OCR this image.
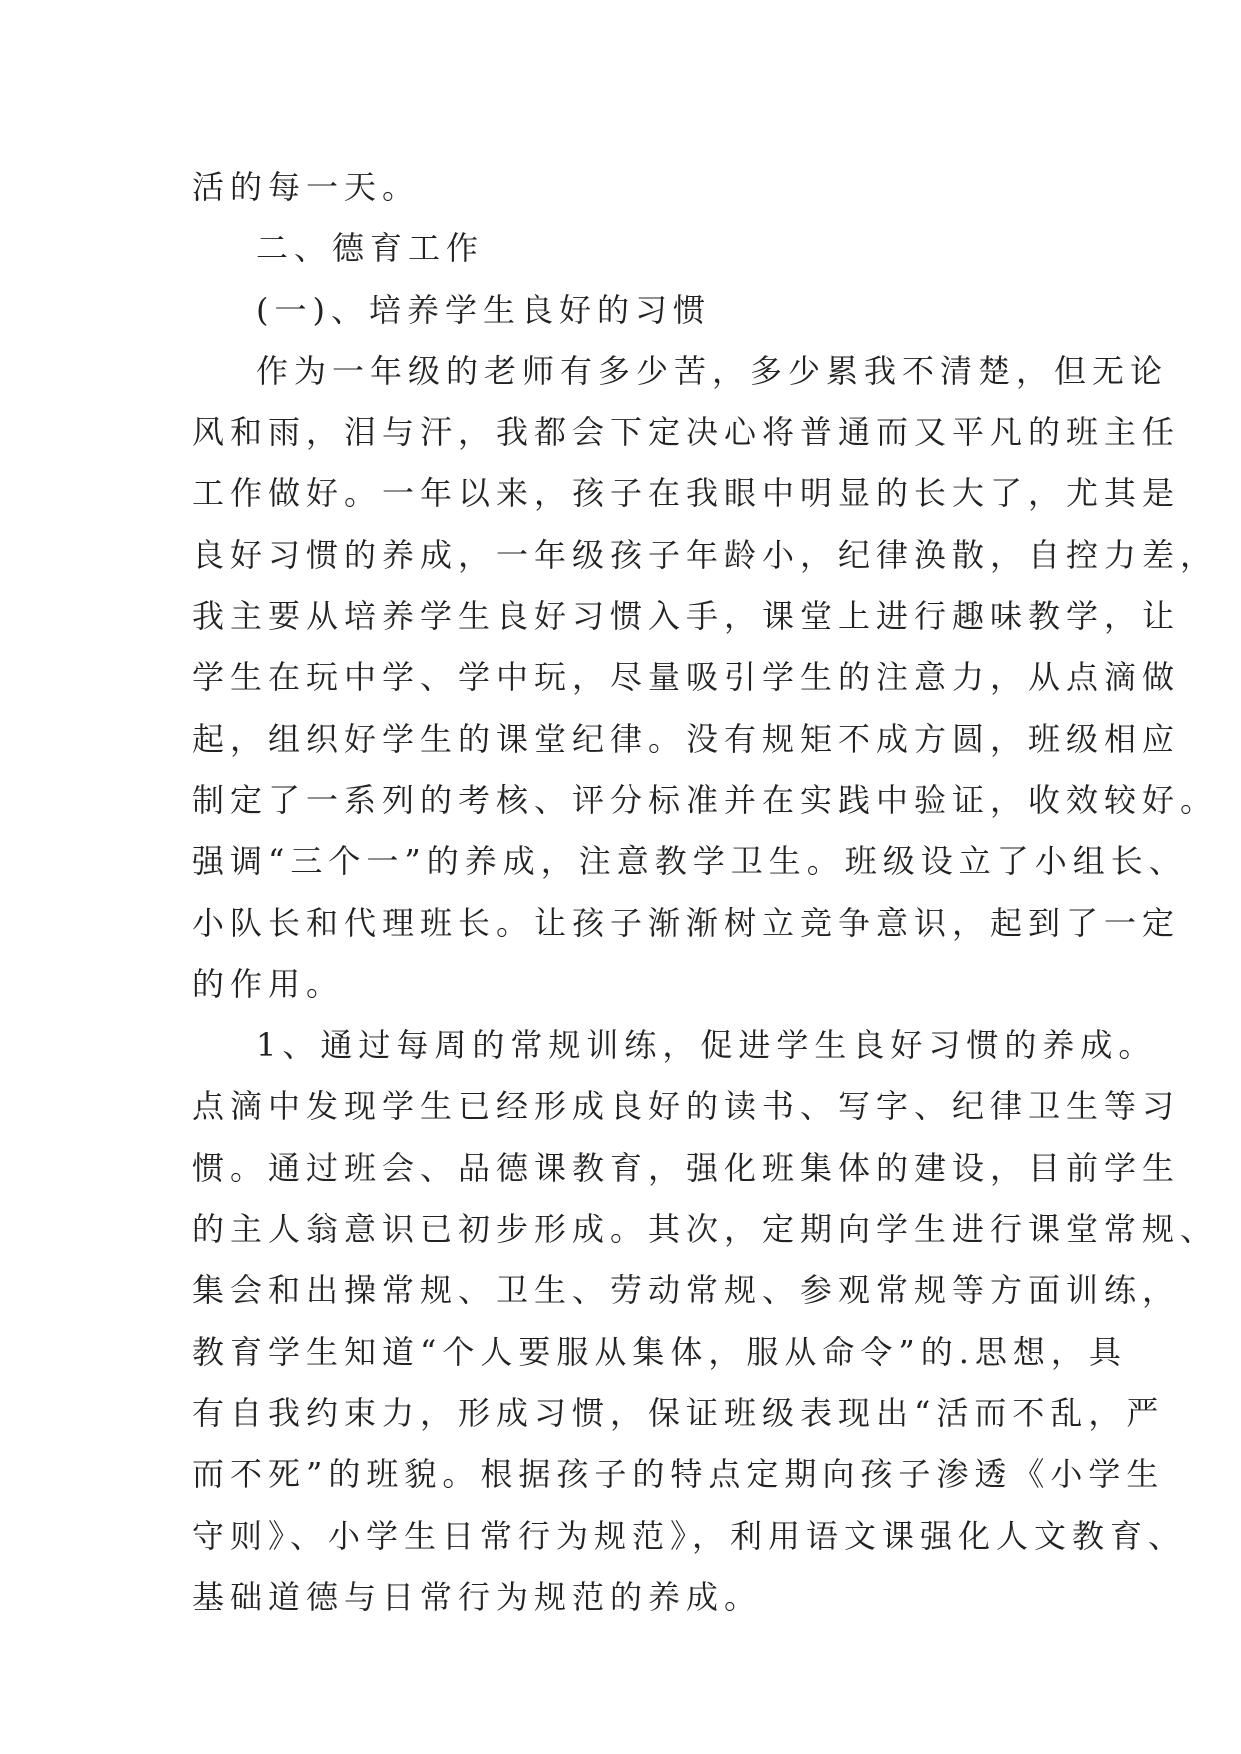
活的每一天。
二、德育工作
(一)、培养学生良好的习惯
作为一年级的老师有多少苦，多少累我不清楚，但无论
风和雨，泪与汗，我都会下定决心将普通而又平凡的班主任
工作做好。一年以来，孩子在我眼中明显的长大了，尤其是
良好习惯的养成，一年级孩子年龄小，纪律涣散，自控力差，
我主要从培养学生良好习惯入手，课堂上进行趣味教学，让
学生在玩中学、学中玩，尽量吸引学生的注意力，从点滴做
起，组织好学生的课堂纪律。没有规矩不成方圆，班级相应
制定了一系列的考核、评分标准并在实践中验证，收效较好。
强调“三个一”的养成，注意教学卫生。班级设立了小组长、
小队长和代理班长。让孩子渐渐树立竞争意识，起到了一定
的作用。
1、通过每周的常规训练，促进学生良好习惯的养成。
点滴中发现学生已经形成良好的读书、写字、纪律卫生等习
惯。通过班会、品德课教育，强化班集体的建设，目前学生
的主人翁意识已初步形成。其次，定期向学生进行课堂常规、
集会和出操常规、卫生、劳动常规、参观常规等方面训练，
教育学生知道“个人要服从集体，服从命令”的.思想，具
有自我约束力，形成习惯，保证班级表现出“活而不乱，严
而不死”的班貌。根据孩子的特点定期向孩子渗透《小学生
守则》、小学生日常行为规范》，利用语文课强化人文教育、
基础道德与日常行为规范的养成。
